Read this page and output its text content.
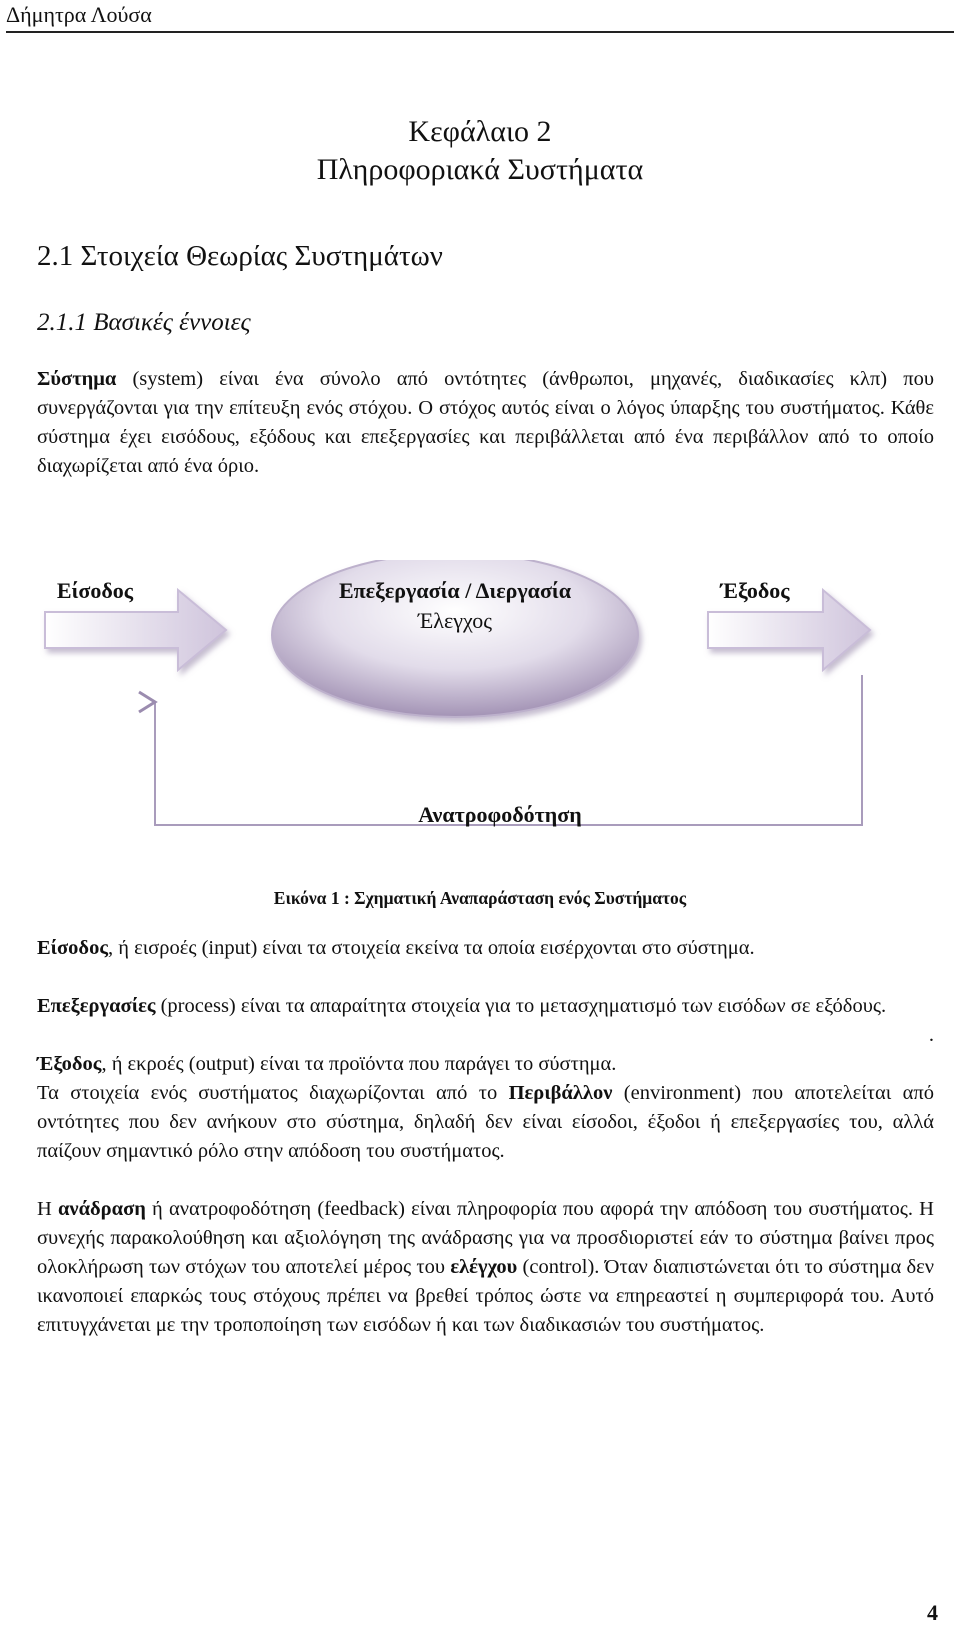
Δήμητρα Λούσα
Κεφάλαιο 2
Πληροφοριακά Συστήματα
2.1 Στοιχεία Θεωρίας Συστημάτων
2.1.1 Βασικές έννοιες
Σύστημα (system) είναι ένα σύνολο από οντότητες (άνθρωποι, μηχανές, διαδικασίες κλπ) που συνεργάζονται για την επίτευξη ενός στόχου. Ο στόχος αυτός είναι ο λόγος ύπαρξης του συστήματος. Κάθε σύστημα έχει εισόδους, εξόδους και επεξεργασίες και περιβάλλεται από ένα περιβάλλον από το οποίο διαχωρίζεται από ένα όριο.
Είσοδος	Επεξεργασία / Διεργασία
Έλεγχος
Έξοδος
Ανατροφοδότηση
Εικόνα 1 : Σχηματική Αναπαράσταση ενός Συστήματος
Είσοδος, ή εισροές (input) είναι τα στοιχεία εκείνα τα οποία εισέρχονται στο σύστημα.
Επεξεργασίες (process) είναι τα απαραίτητα στοιχεία για το μετασχηματισμό των εισόδων σε εξόδους.
.
Έξοδος, ή εκροές (output) είναι τα προϊόντα που παράγει το σύστημα.
Τα στοιχεία ενός συστήματος διαχωρίζονται από το Περιβάλλον (environment) που αποτελείται από οντότητες που δεν ανήκουν στο σύστημα, δηλαδή δεν είναι είσοδοι, έξοδοι ή επεξεργασίες του, αλλά παίζουν σημαντικό ρόλο στην απόδοση του συστήματος.
Η ανάδραση ή ανατροφοδότηση (feedback) είναι πληροφορία που αφορά την απόδοση του συστήματος. Η συνεχής παρακολούθηση και αξιολόγηση της ανάδρασης για να προσδιοριστεί εάν το σύστημα βαίνει προς ολοκλήρωση των στόχων του αποτελεί μέρος του ελέγχου (control). Όταν διαπιστώνεται ότι το σύστημα δεν ικανοποιεί επαρκώς τους στόχους πρέπει να βρεθεί τρόπος ώστε να επηρεαστεί η συμπεριφορά του. Αυτό επιτυγχάνεται με την τροποποίηση των εισόδων ή και των διαδικασιών του συστήματος.
4
